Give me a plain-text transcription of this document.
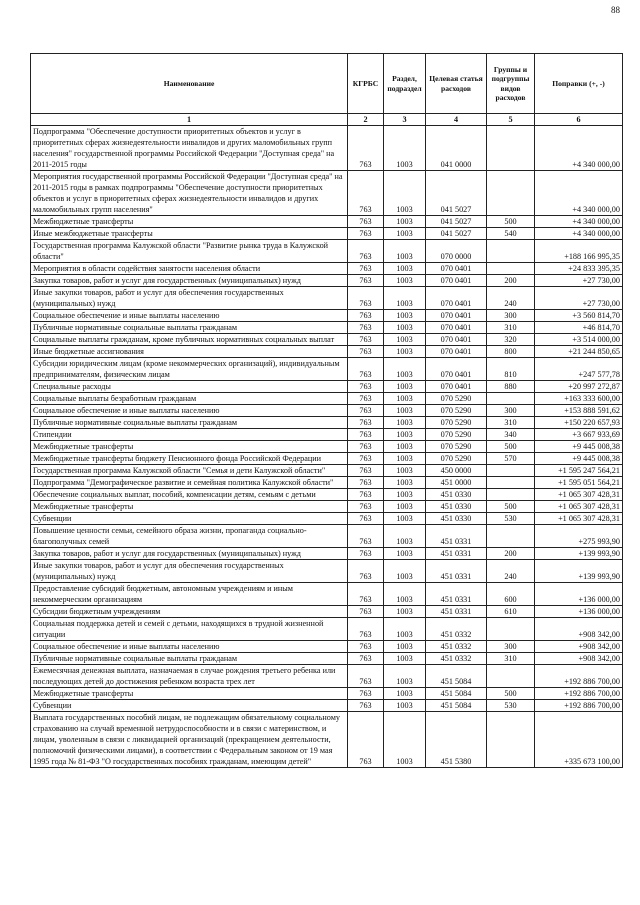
88
Наименование	КГРБС	Раздел, подраздел	Целевая статья расходов	Группы и подгруппы видов расходов	Поправки (+, -)
1	2	3	4	5	6
Подпрограмма "Обеспечение доступности приоритетных объектов и услуг в приоритетных сферах жизнедеятельности инвалидов и других маломобильных групп населения" государственной программы Российской Федерации "Доступная среда" на 2011-2015 годы	763	1003	041 0000		+4 340 000,00
Мероприятия государственной программы Российской Федерации "Доступная среда" на 2011-2015 годы в рамках подпрограммы "Обеспечение доступности приоритетных объектов и услуг в приоритетных сферах жизнедеятельности инвалидов и других маломобильных групп населения"	763	1003	041 5027		+4 340 000,00
Межбюджетные трансферты	763	1003	041 5027	500	+4 340 000,00
Иные межбюджетные трансферты	763	1003	041 5027	540	+4 340 000,00
Государственная программа Калужской области "Развитие рынка труда в Калужской области"	763	1003	070 0000		+188 166 995,35
Мероприятия в области содействия занятости населения области	763	1003	070 0401		+24 833 395,35
Закупка товаров, работ и услуг для государственных (муниципальных) нужд	763	1003	070 0401	200	+27 730,00
Иные закупки товаров, работ и услуг для обеспечения государственных (муниципальных) нужд	763	1003	070 0401	240	+27 730,00
Социальное обеспечение и иные выплаты населению	763	1003	070 0401	300	+3 560 814,70
Публичные нормативные социальные выплаты гражданам	763	1003	070 0401	310	+46 814,70
Социальные выплаты гражданам, кроме публичных нормативных социальных выплат	763	1003	070 0401	320	+3 514 000,00
Иные бюджетные ассигнования	763	1003	070 0401	800	+21 244 850,65
Субсидии юридическим лицам (кроме некоммерческих организаций), индивидуальным предпринимателям, физическим лицам	763	1003	070 0401	810	+247 577,78
Специальные расходы	763	1003	070 0401	880	+20 997 272,87
Социальные выплаты безработным гражданам	763	1003	070 5290		+163 333 600,00
Социальное обеспечение и иные выплаты населению	763	1003	070 5290	300	+153 888 591,62
Публичные нормативные социальные выплаты гражданам	763	1003	070 5290	310	+150 220 657,93
Стипендии	763	1003	070 5290	340	+3 667 933,69
Межбюджетные трансферты	763	1003	070 5290	500	+9 445 008,38
Межбюджетные трансферты бюджету Пенсионного фонда Российской Федерации	763	1003	070 5290	570	+9 445 008,38
Государственная программа Калужской области "Семья и дети Калужской области"	763	1003	450 0000		+1 595 247 564,21
Подпрограмма "Демографическое развитие и семейная политика Калужской области"	763	1003	451 0000		+1 595 051 564,21
Обеспечение социальных выплат, пособий, компенсации детям, семьям с детьми	763	1003	451 0330		+1 065 307 428,31
Межбюджетные трансферты	763	1003	451 0330	500	+1 065 307 428,31
Субвенции	763	1003	451 0330	530	+1 065 307 428,31
Повышение ценности семьи, семейного образа жизни, пропаганда социально-благополучных семей	763	1003	451 0331		+275 993,90
Закупка товаров, работ и услуг для государственных (муниципальных) нужд	763	1003	451 0331	200	+139 993,90
Иные закупки товаров, работ и услуг для обеспечения государственных (муниципальных) нужд	763	1003	451 0331	240	+139 993,90
Предоставление субсидий бюджетным, автономным учреждениям и иным некоммерческим организациям	763	1003	451 0331	600	+136 000,00
Субсидии бюджетным учреждениям	763	1003	451 0331	610	+136 000,00
Социальная поддержка детей и семей с детьми, находящихся в трудной жизненной ситуации	763	1003	451 0332		+908 342,00
Социальное обеспечение и иные выплаты населению	763	1003	451 0332	300	+908 342,00
Публичные нормативные социальные выплаты гражданам	763	1003	451 0332	310	+908 342,00
Ежемесячная денежная выплата, назначаемая в случае рождения третьего ребенка или последующих детей до достижения ребенком возраста трех лет	763	1003	451 5084		+192 886 700,00
Межбюджетные трансферты	763	1003	451 5084	500	+192 886 700,00
Субвенции	763	1003	451 5084	530	+192 886 700,00
Выплата государственных пособий лицам, не подлежащим обязательному социальному страхованию на случай временной нетрудоспособности и в связи с материнством, и лицам, уволенным в связи с ликвидацией организаций (прекращением деятельности, полномочий физическими лицами), в соответствии с Федеральным законом от 19 мая 1995 года № 81-ФЗ "О государственных пособиях гражданам, имеющим детей"	763	1003	451 5380		+335 673 100,00
